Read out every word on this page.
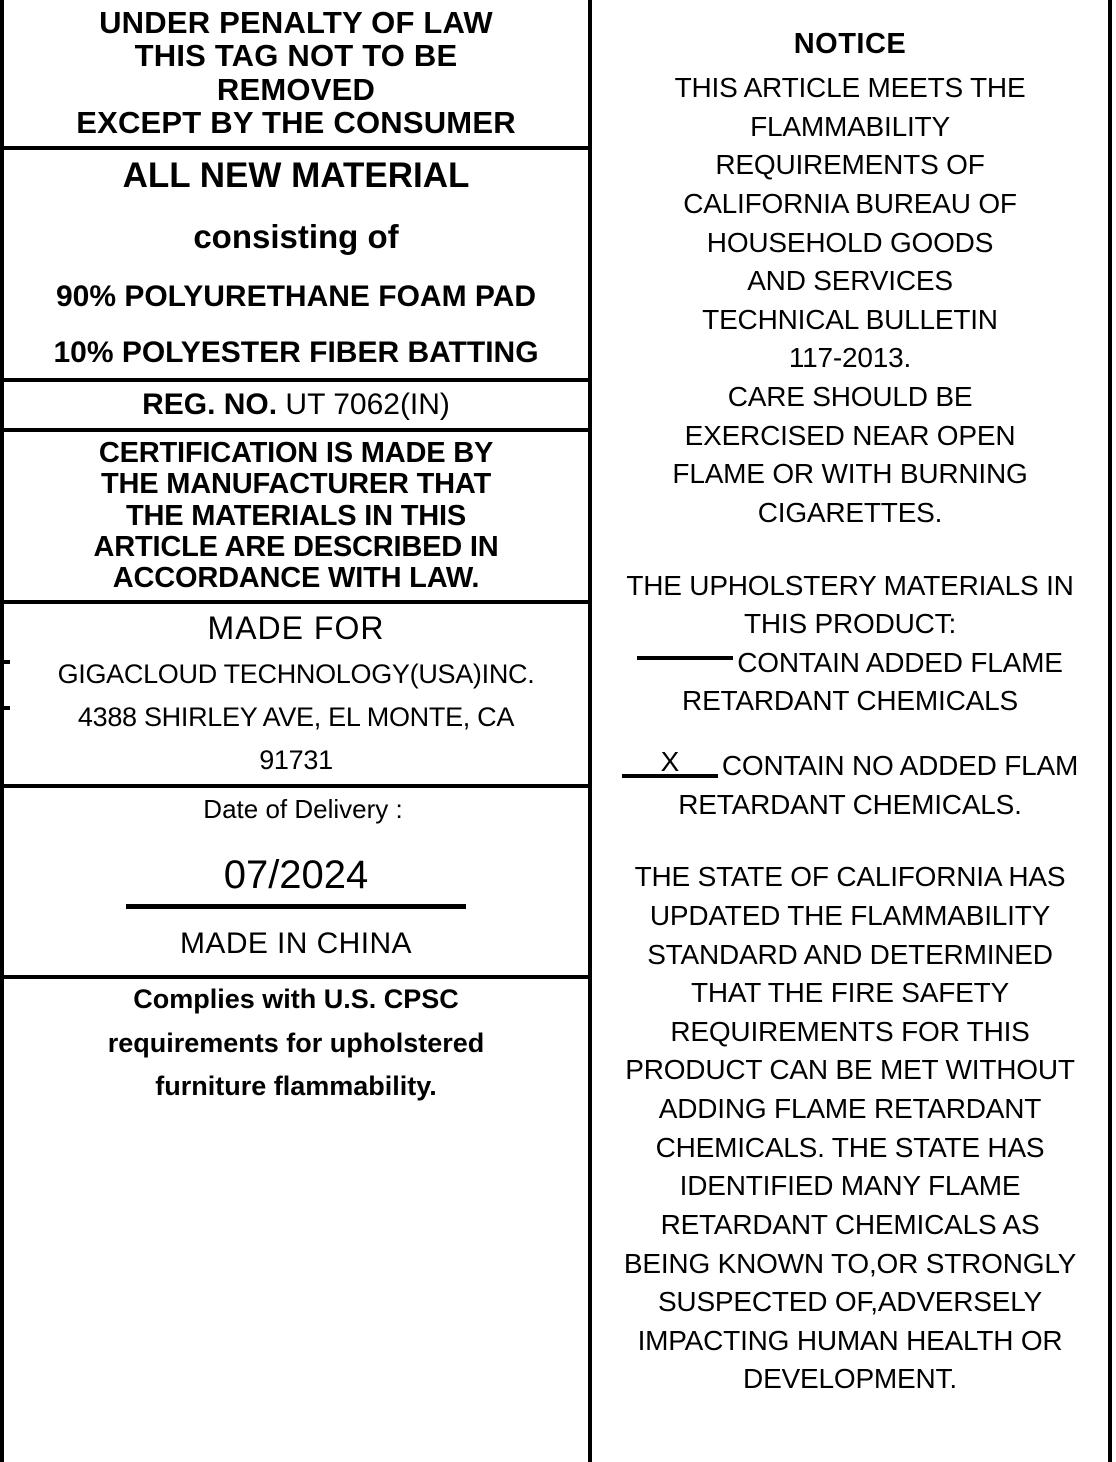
UNDER PENALTY OF LAW
THIS TAG NOT TO BE
REMOVED
EXCEPT BY THE CONSUMER
ALL NEW MATERIAL
consisting of
90% POLYURETHANE FOAM PAD
10% POLYESTER FIBER BATTING
REG. NO. UT 7062(IN)
CERTIFICATION IS MADE BY
THE MANUFACTURER THAT
THE MATERIALS IN THIS
ARTICLE ARE DESCRIBED IN
ACCORDANCE WITH LAW.
MADE FOR
GIGACLOUD TECHNOLOGY(USA)INC.
4388 SHIRLEY AVE, EL MONTE, CA
91731
Date of Delivery :
07/2024
MADE IN CHINA
Complies with U.S. CPSC
requirements for upholstered
furniture flammability.
NOTICE
THIS ARTICLE MEETS THE
FLAMMABILITY
REQUIREMENTS OF
CALIFORNIA BUREAU OF
HOUSEHOLD GOODS
AND SERVICES
TECHNICAL BULLETIN
117-2013.
CARE SHOULD BE
EXERCISED NEAR OPEN
FLAME OR WITH BURNING
CIGARETTES.
THE UPHOLSTERY MATERIALS IN
THIS PRODUCT:
CONTAIN ADDED FLAME
RETARDANT CHEMICALS
X CONTAIN NO ADDED FLAM
RETARDANT CHEMICALS.
THE STATE OF CALIFORNIA HAS
UPDATED THE FLAMMABILITY
STANDARD AND DETERMINED
THAT THE FIRE SAFETY
REQUIREMENTS FOR THIS
PRODUCT CAN BE MET WITHOUT
ADDING FLAME RETARDANT
CHEMICALS. THE STATE HAS
IDENTIFIED MANY FLAME
RETARDANT CHEMICALS AS
BEING KNOWN TO,OR STRONGLY
SUSPECTED OF,ADVERSELY
IMPACTING HUMAN HEALTH OR
DEVELOPMENT.
